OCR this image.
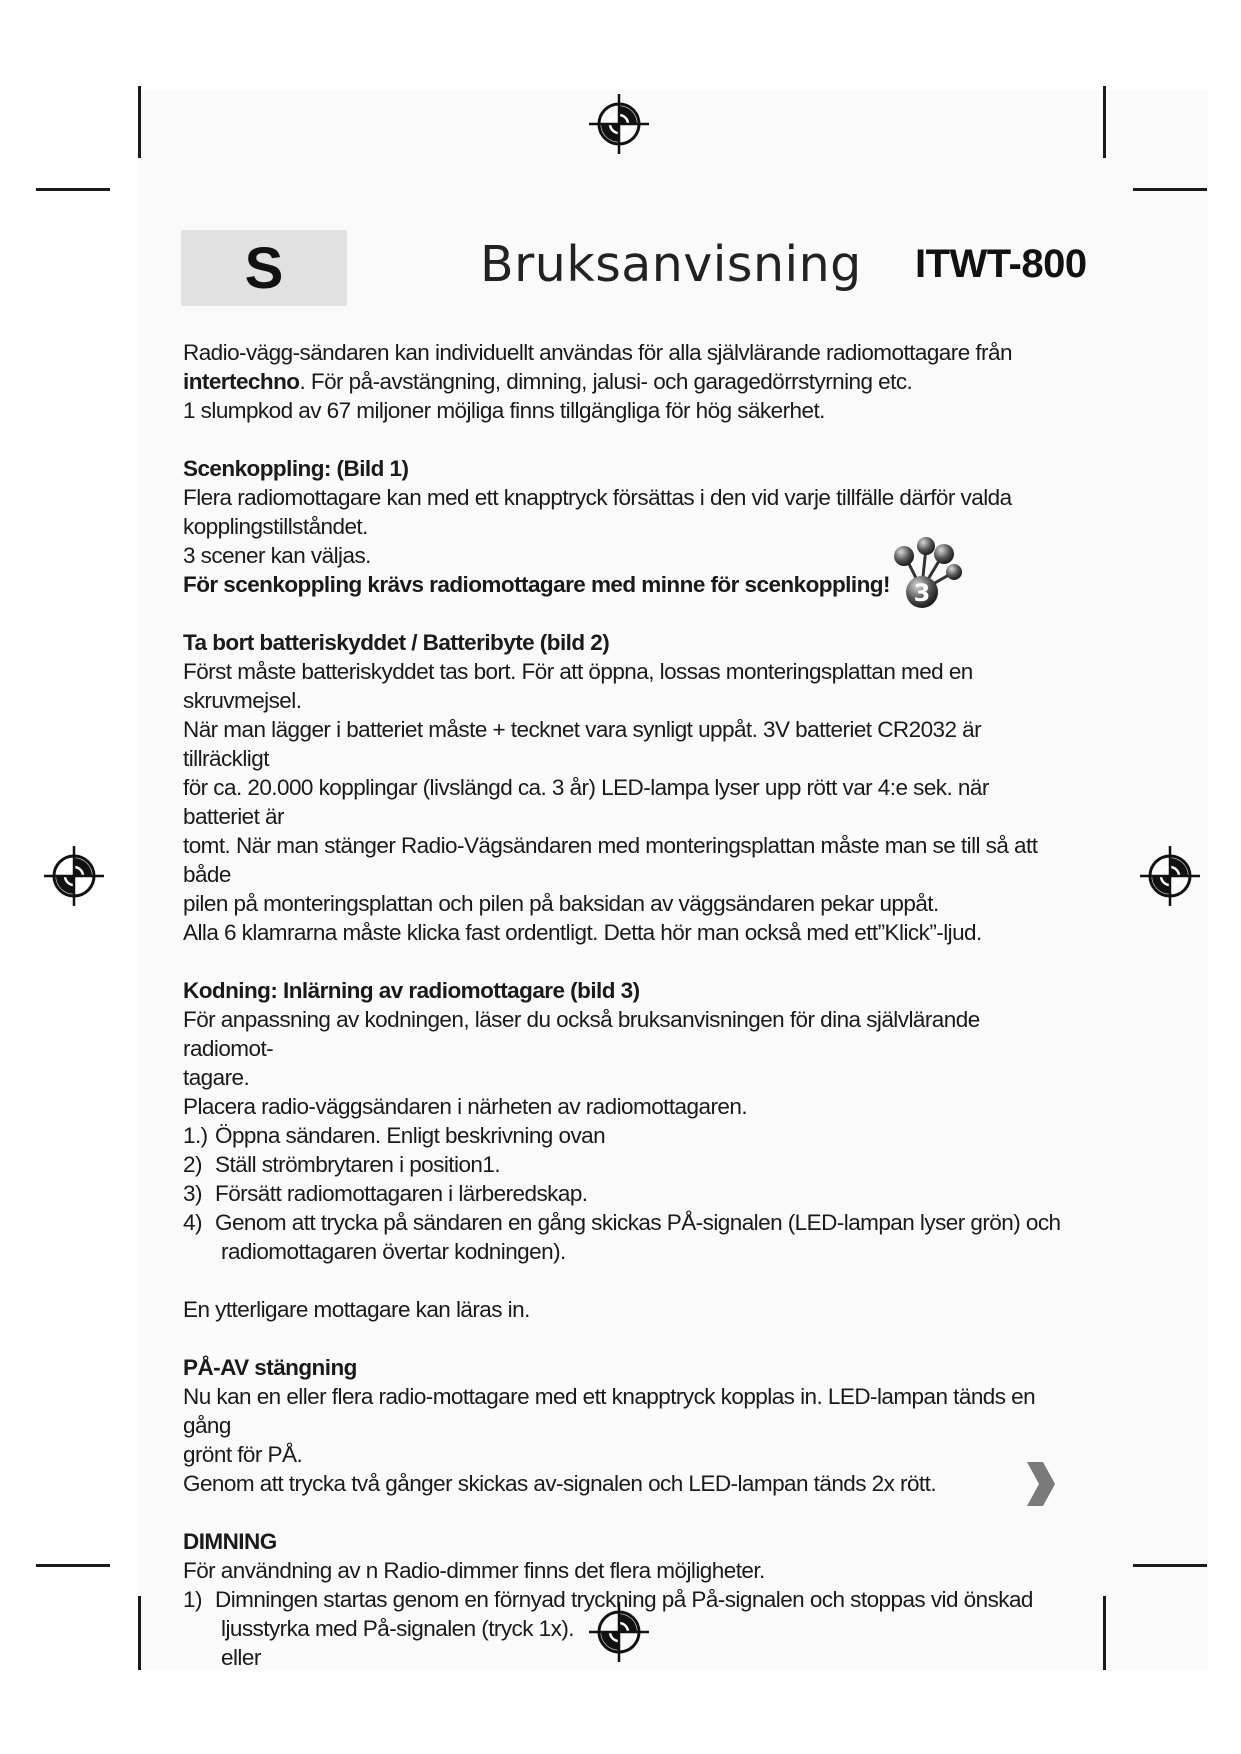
S	Bruksanvisning ITWT-800

Radio-vägg-sändaren kan individuellt användas för alla självlärande radiomottagare från

intertechno. För på-avstängning, dimning, jalusi- och garagedörrstyrning etc.

1 slumpkod av 67 miljoner möjliga finns tillgängliga för hög säkerhet.

Scenkoppling: (Bild 1)

Flera radiomottagare kan med ett knapptryck försättas i den vid varje tillfälle därför valda

kopplingstillståndet.

3 scener kan väljas.

För scenkoppling krävs radiomottagare med minne för scenkoppling!

Ta bort batteriskyddet / Batteribyte (bild 2)

Först måste batteriskyddet tas bort. För att öppna, lossas monteringsplattan med en skruvmejsel.

När man lägger i batteriet måste + tecknet vara synligt uppåt. 3V batteriet CR2032 är tillräckligt

för ca. 20.000 kopplingar (livslängd ca. 3 år) LED-lampa lyser upp rött var 4:e sek. när batteriet är

tomt. När man stänger Radio-Vägsändaren med monteringsplattan måste man se till så att både

pilen på monteringsplattan och pilen på baksidan av väggsändaren pekar uppåt.

Alla 6 klamrarna måste klicka fast ordentligt. Detta hör man också med ett”Klick”-ljud.

Kodning: Inlärning av radiomottagare (bild 3)

För anpassning av kodningen, läser du också bruksanvisningen för dina självlärande radiomot-

tagare.

Placera radio-väggsändaren i närheten av radiomottagaren.

1.) Öppna sändaren. Enligt beskrivning ovan
2) Ställ strömbrytaren i position1.
3) Försätt radiomottagaren i lärberedskap.
4) Genom att trycka på sändaren en gång skickas PÅ-signalen (LED-lampan lyser grön) och

radiomottagaren övertar kodningen).

En ytterligare mottagare kan läras in.

PÅ-AV stängning

Nu kan en eller flera radio-mottagare med ett knapptryck kopplas in. LED-lampan tänds en gång

grönt för PÅ.

Genom att trycka två gånger skickas av-signalen och LED-lampan tänds 2x rött.

DIMNING

För användning av n Radio-dimmer finns det flera möjligheter.

1) Dimningen startas genom en förnyad tryckning på På-signalen och stoppas vid önskad

ljusstyrka med På-signalen (tryck 1x).

eller

3
